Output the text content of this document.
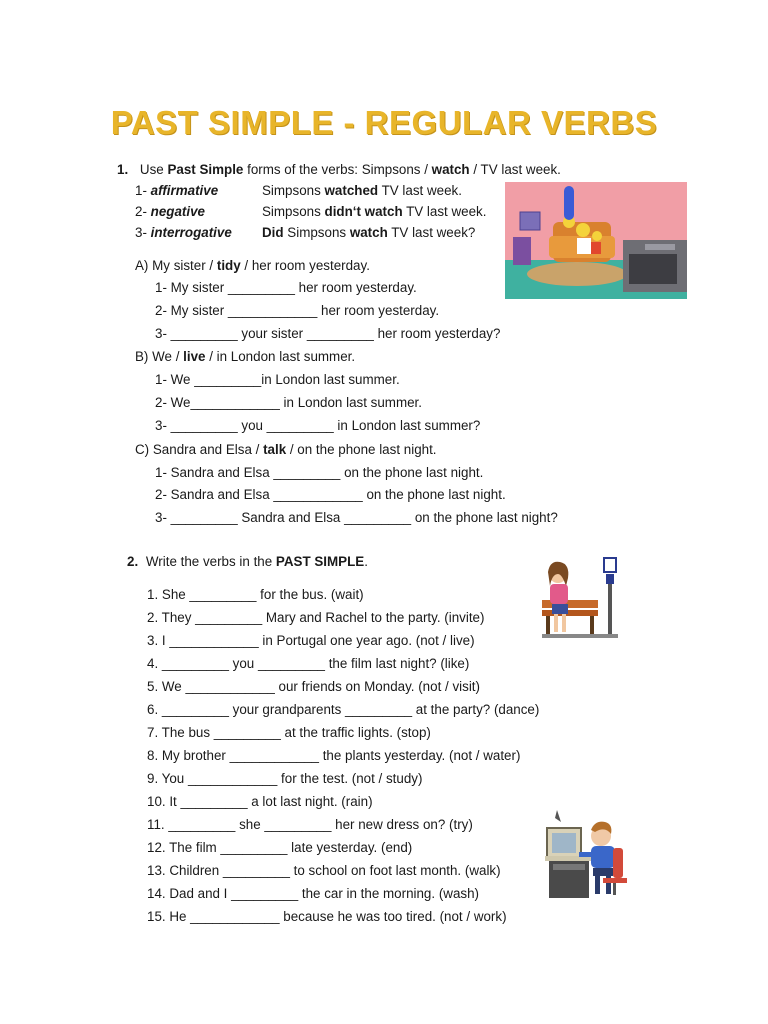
PAST SIMPLE - REGULAR VERBS
1. Use Past Simple forms of the verbs: Simpsons / watch / TV last week.
1- affirmative	Simpsons watched TV last week.
2- negative	Simpsons didn‘t watch TV last week.
3- interrogative Did Simpsons watch TV last week?
A) My sister / tidy / her room yesterday.
1- My sister _________ her room yesterday.
2- My sister ____________ her room yesterday.
3- _________ your sister _________ her room yesterday?
B) We / live / in London last summer.
1- We _________in London last summer.
2- We____________ in London last summer.
3- _________ you _________ in London last summer?
C) Sandra and Elsa / talk / on the phone last night.
1- Sandra and Elsa _________ on the phone last night.
2- Sandra and Elsa ____________ on the phone last night.
3- _________ Sandra and Elsa _________ on the phone last night?
2. Write the verbs in the PAST SIMPLE.
1. She _________ for the bus. (wait)
2. They _________ Mary and Rachel to the party. (invite)
3. I ____________ in Portugal one year ago. (not / live)
4. _________ you _________ the film last night? (like)
5. We ____________ our friends on Monday. (not / visit)
6. _________ your grandparents _________ at the party? (dance)
7. The bus _________ at the traffic lights. (stop)
8. My brother ____________ the plants yesterday. (not / water)
9. You ____________ for the test. (not / study)
10. It _________ a lot last night. (rain)
11. _________ she _________ her new dress on? (try)
12. The film _________ late yesterday. (end)
13. Children _________ to school on foot last month. (walk)
14. Dad and I _________ the car in the morning. (wash)
15. He ____________ because he was too tired. (not / work)
